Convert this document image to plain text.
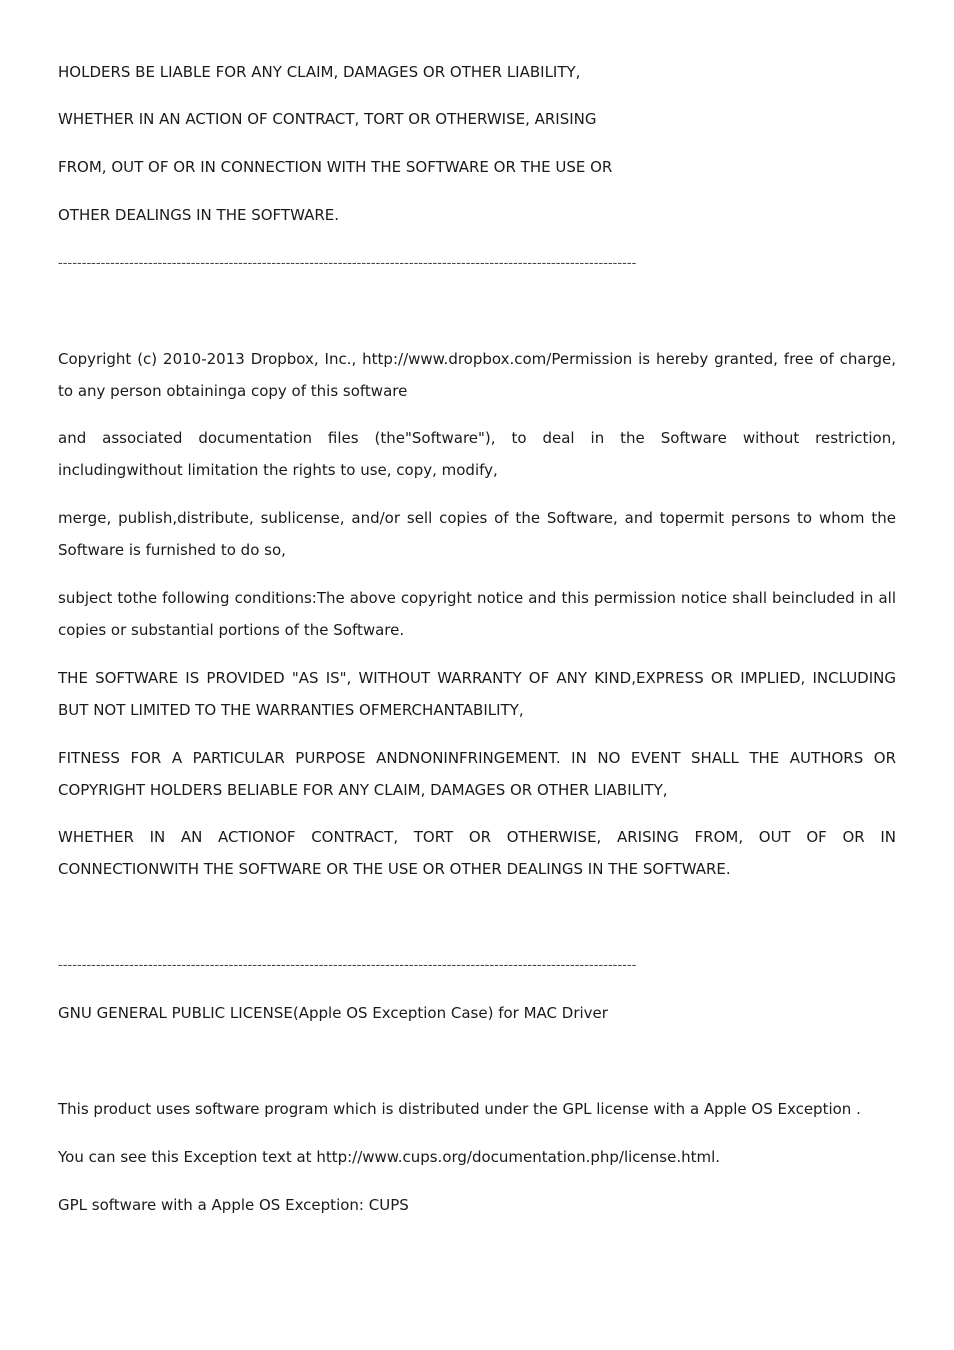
HOLDERS BE LIABLE FOR ANY CLAIM, DAMAGES OR OTHER LIABILITY,

WHETHER IN AN ACTION OF CONTRACT, TORT OR OTHERWISE, ARISING

FROM, OUT OF OR IN CONNECTION WITH THE SOFTWARE OR THE USE OR

OTHER DEALINGS IN THE SOFTWARE.

--------------------------------------------------------------------------------------------------------------------------

Copyright (c) 2010-2013 Dropbox, Inc., http://www.dropbox.com/Permission is hereby granted, free of charge, to any person obtaininga copy of this software

and associated documentation files (the"Software"), to deal in the Software without restriction, includingwithout limitation the rights to use, copy, modify,

merge, publish,distribute, sublicense, and/or sell copies of the Software, and topermit persons to whom the Software is furnished to do so,

subject tothe following conditions:The above copyright notice and this permission notice shall beincluded in all copies or substantial portions of the Software.

THE SOFTWARE IS PROVIDED "AS IS", WITHOUT WARRANTY OF ANY KIND,EXPRESS OR IMPLIED, INCLUDING BUT NOT LIMITED TO THE WARRANTIES OFMERCHANTABILITY,

FITNESS FOR A PARTICULAR PURPOSE ANDNONINFRINGEMENT. IN NO EVENT SHALL THE AUTHORS OR COPYRIGHT HOLDERS BELIABLE FOR ANY CLAIM, DAMAGES OR OTHER LIABILITY,

WHETHER IN AN ACTIONOF CONTRACT, TORT OR OTHERWISE, ARISING FROM, OUT OF OR IN CONNECTIONWITH THE SOFTWARE OR THE USE OR OTHER DEALINGS IN THE SOFTWARE.

--------------------------------------------------------------------------------------------------------------------------

GNU GENERAL PUBLIC LICENSE(Apple OS Exception Case) for MAC Driver

This product uses software program which is distributed under the GPL license with a Apple OS Exception .

You can see this Exception text at http://www.cups.org/documentation.php/license.html.

GPL software with a Apple OS Exception: CUPS
